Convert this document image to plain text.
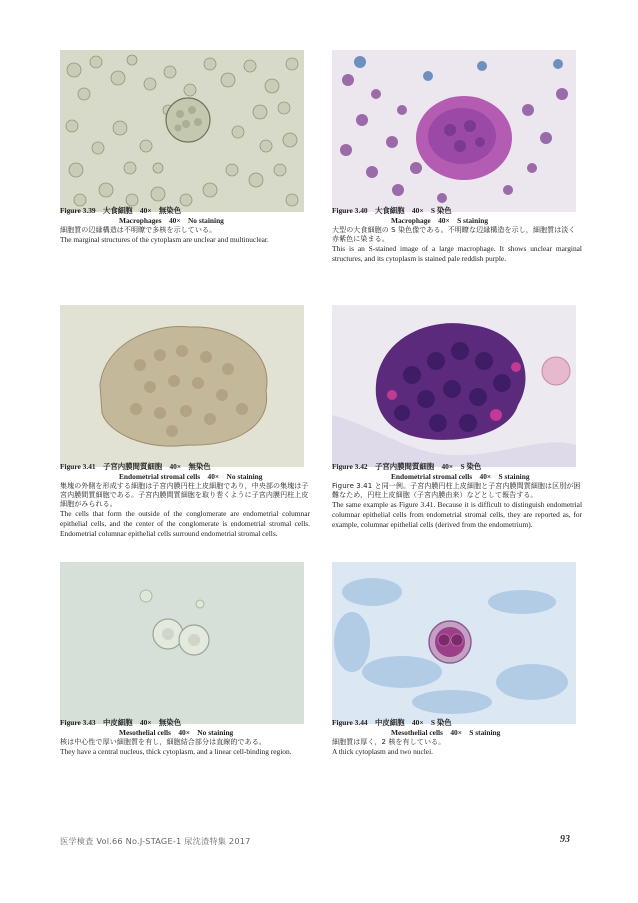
Figure 3.39　大食細胞　40×　無染色
Macrophages　40×　No staining

細胞質の辺縁構造は不明瞭で多核を示している。

The marginal structures of the cytoplasm are unclear and multinuclear.

Figure 3.40　大食細胞　40×　S 染色
Macrophage　40×　S staining

大型の大食細胞の S 染色像である。不明瞭な辺縁構造を示し，細胞質は淡く赤紫色に染まる。

This is an S-stained image of a large macrophage. It shows unclear marginal structures, and its cytoplasm is stained pale reddish purple.

Figure 3.41　子宮内膜間質細胞　40×　無染色
Endometrial stromal cells　40×　No staining

集塊の外側を形成する細胞は子宮内膜円柱上皮細胞であり，中央部の集塊は子宮内膜間質細胞である。子宮内膜間質細胞を取り巻くように子宮内膜円柱上皮細胞がみられる。

The cells that form the outside of the conglomerate are endometrial columnar epithelial cells, and the center of the conglomerate is endometrial stromal cells. Endometrial columnar epithelial cells surround endometrial stromal cells.

Figure 3.42　子宮内膜間質細胞　40×　S 染色
Endometrial stromal cells　40×　S staining

Figure 3.41 と同一例。子宮内膜円柱上皮細胞と子宮内膜間質細胞は区別が困難なため，円柱上皮細胞（子宮内膜由来）などとして報告する。

The same example as Figure 3.41. Because it is difficult to distinguish endometrial columnar epithelial cells from endometrial stromal cells, they are reported as, for example, columnar epithelial cells (derived from the endometrium).

Figure 3.43　中皮細胞　40×　無染色
Mesothelial cells　40×　No staining

核は中心性で厚い細胞質を有し，細胞結合部分は直線的である。

They have a central nucleus, thick cytoplasm, and a linear cell-binding region.

Figure 3.44　中皮細胞　40×　S 染色
Mesothelial cells　40×　S staining

細胞質は厚く，2 核を有している。

A thick cytoplasm and two nuclei.

医学検査 Vol.66 No.J-STAGE-1 尿沈渣特集 2017	93
